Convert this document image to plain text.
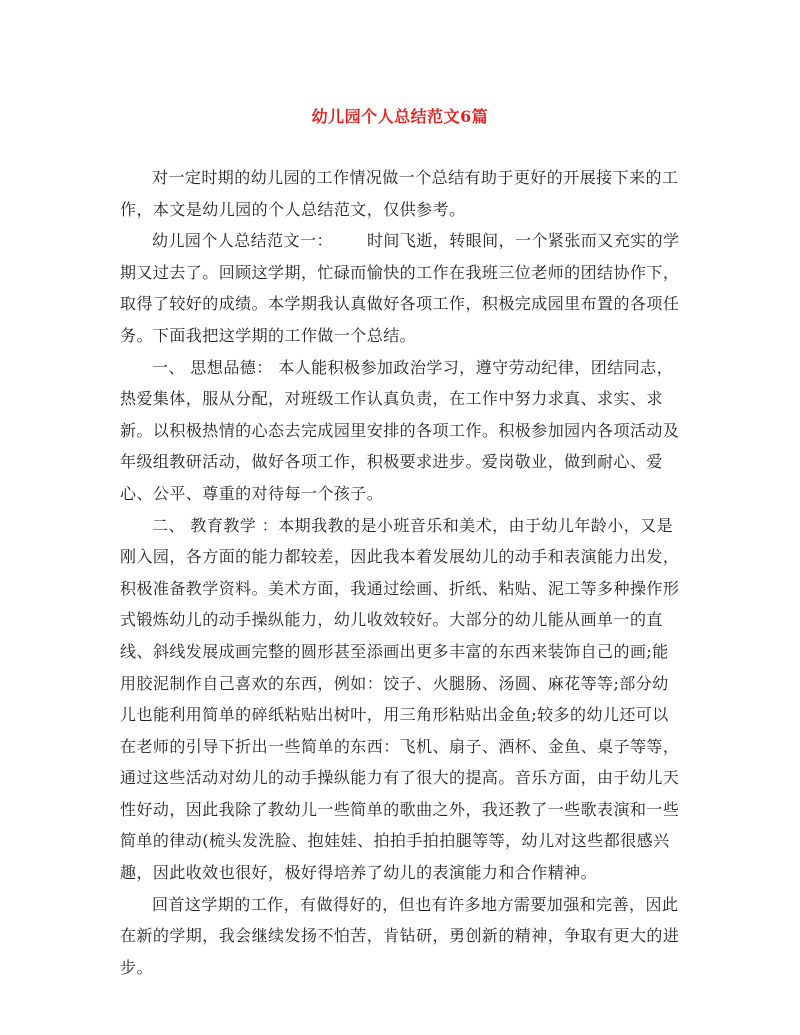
幼儿园个人总结范文6篇

对一定时期的幼儿园的工作情况做一个总结有助于更好的开展接下来的工作，本文是幼儿园的个人总结范文，仅供参考。

幼儿园个人总结范文一： 时间飞逝，转眼间，一个紧张而又充实的学期又过去了。回顾这学期，忙碌而愉快的工作在我班三位老师的团结协作下，取得了较好的成绩。本学期我认真做好各项工作，积极完成园里布置的各项任务。下面我把这学期的工作做一个总结。

一、 思想品德： 本人能积极参加政治学习，遵守劳动纪律，团结同志，热爱集体，服从分配，对班级工作认真负责，在工作中努力求真、求实、求新。以积极热情的心态去完成园里安排的各项工作。积极参加园内各项活动及年级组教研活动，做好各项工作，积极要求进步。爱岗敬业，做到耐心、爱心、公平、尊重的对待每一个孩子。

二、 教育教学 ：本期我教的是小班音乐和美术，由于幼儿年龄小，又是刚入园，各方面的能力都较差，因此我本着发展幼儿的动手和表演能力出发，积极准备教学资料。美术方面，我通过绘画、折纸、粘贴、泥工等多种操作形式锻炼幼儿的动手操纵能力，幼儿收效较好。大部分的幼儿能从画单一的直线、斜线发展成画完整的圆形甚至添画出更多丰富的东西来装饰自己的画;能用胶泥制作自己喜欢的东西，例如：饺子、火腿肠、汤圆、麻花等等;部分幼儿也能利用简单的碎纸粘贴出树叶，用三角形粘贴出金鱼;较多的幼儿还可以在老师的引导下折出一些简单的东西：飞机、扇子、酒杯、金鱼、桌子等等，通过这些活动对幼儿的动手操纵能力有了很大的提高。音乐方面，由于幼儿天性好动，因此我除了教幼儿一些简单的歌曲之外，我还教了一些歌表演和一些简单的律动(梳头发洗脸、抱娃娃、拍拍手拍拍腿等等，幼儿对这些都很感兴趣，因此收效也很好，极好得培养了幼儿的表演能力和合作精神。

回首这学期的工作，有做得好的，但也有许多地方需要加强和完善，因此在新的学期，我会继续发扬不怕苦，肯钻研，勇创新的精神，争取有更大的进步。
